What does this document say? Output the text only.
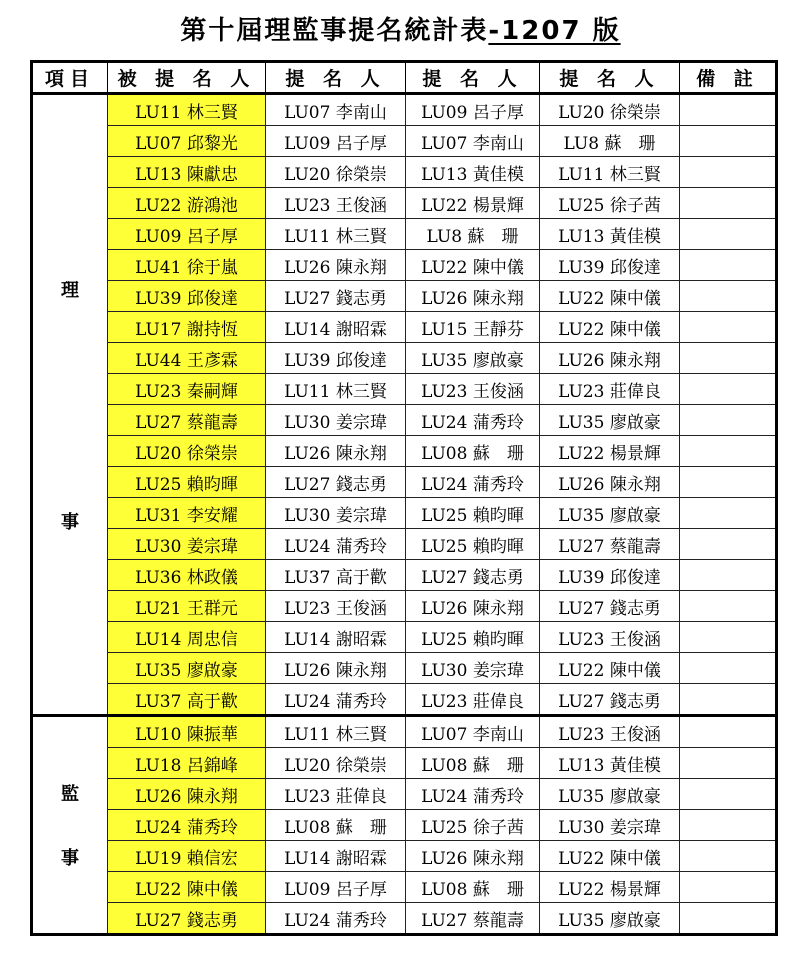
第十屆理監事提名統計表-1207 版
項目	被 提 名 人	提 名 人	提 名 人	提 名 人	備 註

理
事	LU11 林三賢	LU07 李南山	LU09 呂子厚	LU20 徐榮崇	
	LU07 邱黎光	LU09 呂子厚	LU07 李南山	LU8 蘇　珊	
	LU13 陳獻忠	LU20 徐榮崇	LU13 黃佳模	LU11 林三賢	
	LU22 游鴻池	LU23 王俊涵	LU22 楊景輝	LU25 徐子茜	
	LU09 呂子厚	LU11 林三賢	LU8 蘇　珊	LU13 黃佳模	
	LU41 徐于嵐	LU26 陳永翔	LU22 陳中儀	LU39 邱俊達	
	LU39 邱俊達	LU27 錢志勇	LU26 陳永翔	LU22 陳中儀	
	LU17 謝持恆	LU14 謝昭霖	LU15 王靜芬	LU22 陳中儀	
	LU44 王彥霖	LU39 邱俊達	LU35 廖啟豪	LU26 陳永翔	
	LU23 秦嗣輝	LU11 林三賢	LU23 王俊涵	LU23 莊偉良	
	LU27 蔡龍壽	LU30 姜宗瑋	LU24 蒲秀玲	LU35 廖啟豪	
	LU20 徐榮崇	LU26 陳永翔	LU08 蘇　珊	LU22 楊景輝	
	LU25 賴昀暉	LU27 錢志勇	LU24 蒲秀玲	LU26 陳永翔	
	LU31 李安耀	LU30 姜宗瑋	LU25 賴昀暉	LU35 廖啟豪	
	LU30 姜宗瑋	LU24 蒲秀玲	LU25 賴昀暉	LU27 蔡龍壽	
	LU36 林政儀	LU37 高于歡	LU27 錢志勇	LU39 邱俊達	
	LU21 王群元	LU23 王俊涵	LU26 陳永翔	LU27 錢志勇	
	LU14 周忠信	LU14 謝昭霖	LU25 賴昀暉	LU23 王俊涵	
	LU35 廖啟豪	LU26 陳永翔	LU30 姜宗瑋	LU22 陳中儀	
	LU37 高于歡	LU24 蒲秀玲	LU23 莊偉良	LU27 錢志勇	

監
事	LU10 陳振華	LU11 林三賢	LU07 李南山	LU23 王俊涵	
	LU18 呂錦峰	LU20 徐榮崇	LU08 蘇　珊	LU13 黃佳模	
	LU26 陳永翔	LU23 莊偉良	LU24 蒲秀玲	LU35 廖啟豪	
	LU24 蒲秀玲	LU08 蘇　珊	LU25 徐子茜	LU30 姜宗瑋	
	LU19 賴信宏	LU14 謝昭霖	LU26 陳永翔	LU22 陳中儀	
	LU22 陳中儀	LU09 呂子厚	LU08 蘇　珊	LU22 楊景輝	
	LU27 錢志勇	LU24 蒲秀玲	LU27 蔡龍壽	LU35 廖啟豪	
